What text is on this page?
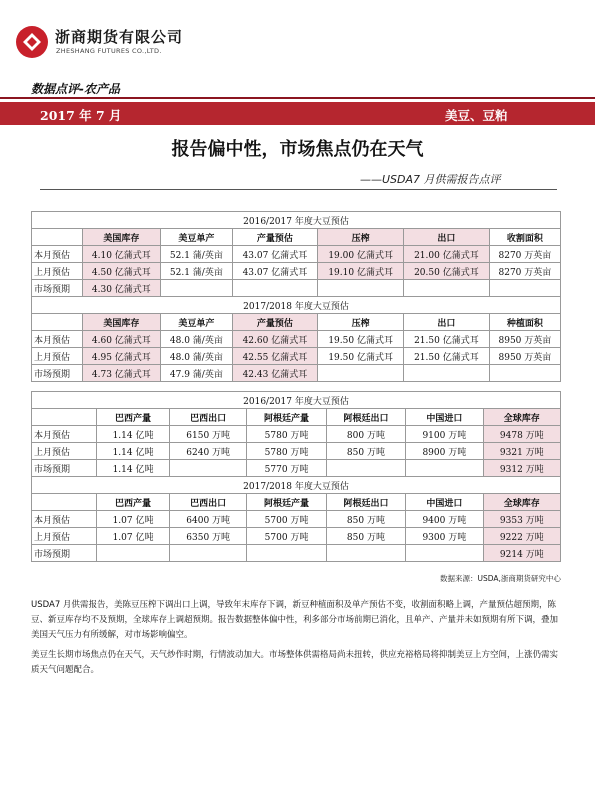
浙商期货有限公司
ZHESHANG FUTURES CO.,LTD.
数据点评-农产品
2017 年 7 月	美豆、豆粕
报告偏中性，市场焦点仍在天气
——USDA7 月供需报告点评
2016/2017 年度大豆预估						
	美国库存	美豆单产	产量预估	压榨	出口	收割面积
本月预估	4.10 亿蒲式耳	52.1 蒲/英亩	43.07 亿蒲式耳	19.00 亿蒲式耳	21.00 亿蒲式耳	8270 万英亩
上月预估	4.50 亿蒲式耳	52.1 蒲/英亩	43.07 亿蒲式耳	19.10 亿蒲式耳	20.50 亿蒲式耳	8270 万英亩
市场预期	4.30 亿蒲式耳					
2017/2018 年度大豆预估						
	美国库存	美豆单产	产量预估	压榨	出口	种植面积
本月预估	4.60 亿蒲式耳	48.0 蒲/英亩	42.60 亿蒲式耳	19.50 亿蒲式耳	21.50 亿蒲式耳	8950 万英亩
上月预估	4.95 亿蒲式耳	48.0 蒲/英亩	42.55 亿蒲式耳	19.50 亿蒲式耳	21.50 亿蒲式耳	8950 万英亩
市场预期	4.73 亿蒲式耳	47.9 蒲/英亩	42.43 亿蒲式耳			
2016/2017 年度大豆预估						
	巴西产量	巴西出口	阿根廷产量	阿根廷出口	中国进口	全球库存
本月预估	1.14 亿吨	6150 万吨	5780 万吨	800 万吨	9100 万吨	9478 万吨
上月预估	1.14 亿吨	6240 万吨	5780 万吨	850 万吨	8900 万吨	9321 万吨
市场预期	1.14 亿吨		5770 万吨			9312 万吨
2017/2018 年度大豆预估						
	巴西产量	巴西出口	阿根廷产量	阿根廷出口	中国进口	全球库存
本月预估	1.07 亿吨	6400 万吨	5700 万吨	850 万吨	9400 万吨	9353 万吨
上月预估	1.07 亿吨	6350 万吨	5700 万吨	850 万吨	9300 万吨	9222 万吨
市场预期						9214 万吨
数据来源：USDA,浙商期货研究中心
USDA7 月供需报告，美陈豆压榨下调出口上调，导致年末库存下调，新豆种植面积及单产预估不变，收割面积略上调，产量预估超预期，陈豆、新豆库存均不及预期，全球库存上调超预期。报告数据整体偏中性，利多部分市场前期已消化，且单产、产量并未如预期有所下调，叠加美国天气压力有所缓解，对市场影响偏空。
美豆生长期市场焦点仍在天气，天气炒作时期，行情波动加大。市场整体供需格局尚未扭转，供应充裕格局将抑制美豆上方空间，上涨仍需实质天气问题配合。
